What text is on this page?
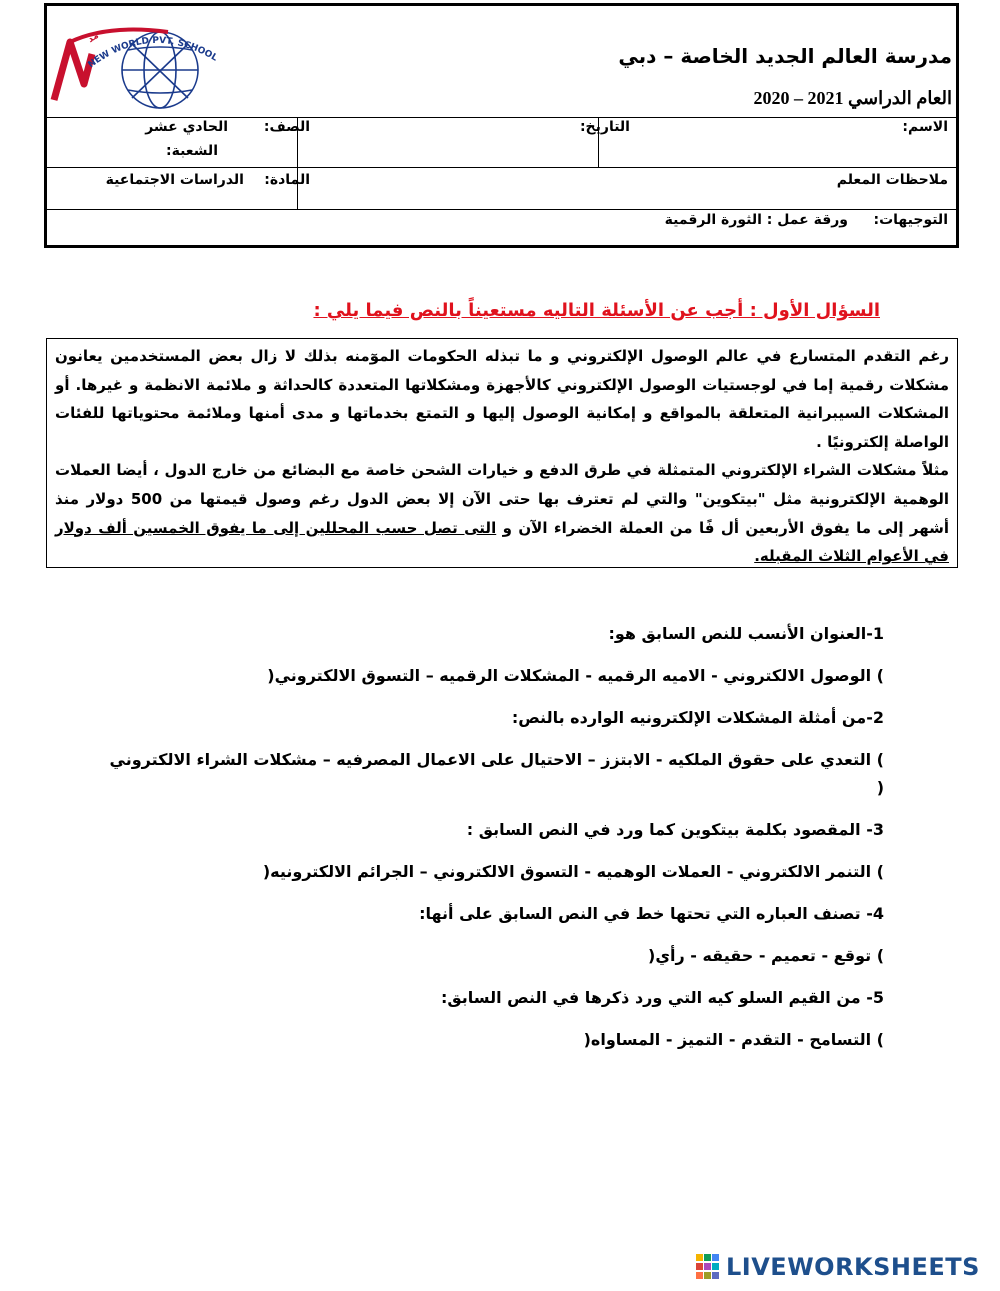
NEW WORLD PVT. SCHOOL
مد
مدرسة العالم الجديد الخاصة – دبي
العام الدراسي 2021 – 2020
الاسم:
التاريخ:
الصف:
الحادي عشر
الشعبة:
ملاحظات المعلم
المادة:
الدراسات الاجتماعية
التوجيهات:
ورقة عمل : الثورة الرقمية
السؤال الأول : أجب عن الأسئلة التاليه مستعيناً بالنص فيما يلي :

رغم التقدم المتسارع في عالم الوصول الإلكتروني و ما تبذله الحكومات الموٓمنه بذلك لا زال بعض المستخدمين يعانون مشكلات رقمية إما في لوجستيات الوصول الإلكتروني كالأجهزة ومشكلاتها المتعددة كالحداثة و ملائمة الانظمة و غيرها. أو المشكلات السيبرانية المتعلقة بالمواقع و إمكانية الوصول إليها و التمتع بخدماتها و مدى أمنها وملائمة محتوياتها للفئات الواصلة إلكترونيًا .

مثلاً مشكلات الشراء الإلكتروني المتمثلة في طرق الدفع و خيارات الشحن خاصة مع البضائع من خارج الدول ، أيضا العملات الوهمية الإلكترونية مثل "بيتكوين" والتي لم تعترف بها حتى الآن إلا بعض الدول رغم وصول قيمتها من 500 دولار منذ أشهر إلى ما يفوق الأربعين أل فًا من العملة الخضراء الآن و التى تصل حسب المحللين إلى ما يفوق الخمسين ألف دولار في الأعوام الثلاث المقبله.

1-العنوان الأنسب للنص السابق هو:
) الوصول الالكتروني - الاميه الرقميه - المشكلات الرقميه – التسوق الالكتروني(
2-من أمثلة المشكلات الإلكترونيه الوارده بالنص:
) التعدي على حقوق الملكيه - الابتزز – الاحتيال على الاعمال المصرفيه – مشكلات الشراء الالكتروني
(
3- المقصود بكلمة بيتكوين كما ورد في النص السابق :
) التنمر الالكتروني - العملات الوهميه - التسوق الالكتروني – الجرائم الالكترونيه(
4- تصنف العباره التي تحتها خط في النص السابق على أنها:
) توقع - تعميم - حقيقه - رأي(
5- من القيم السلو كيه التي ورد ذكرها في النص السابق:
) التسامح - التقدم - التميز - المساواه(
LIVEWORKSHEETS
